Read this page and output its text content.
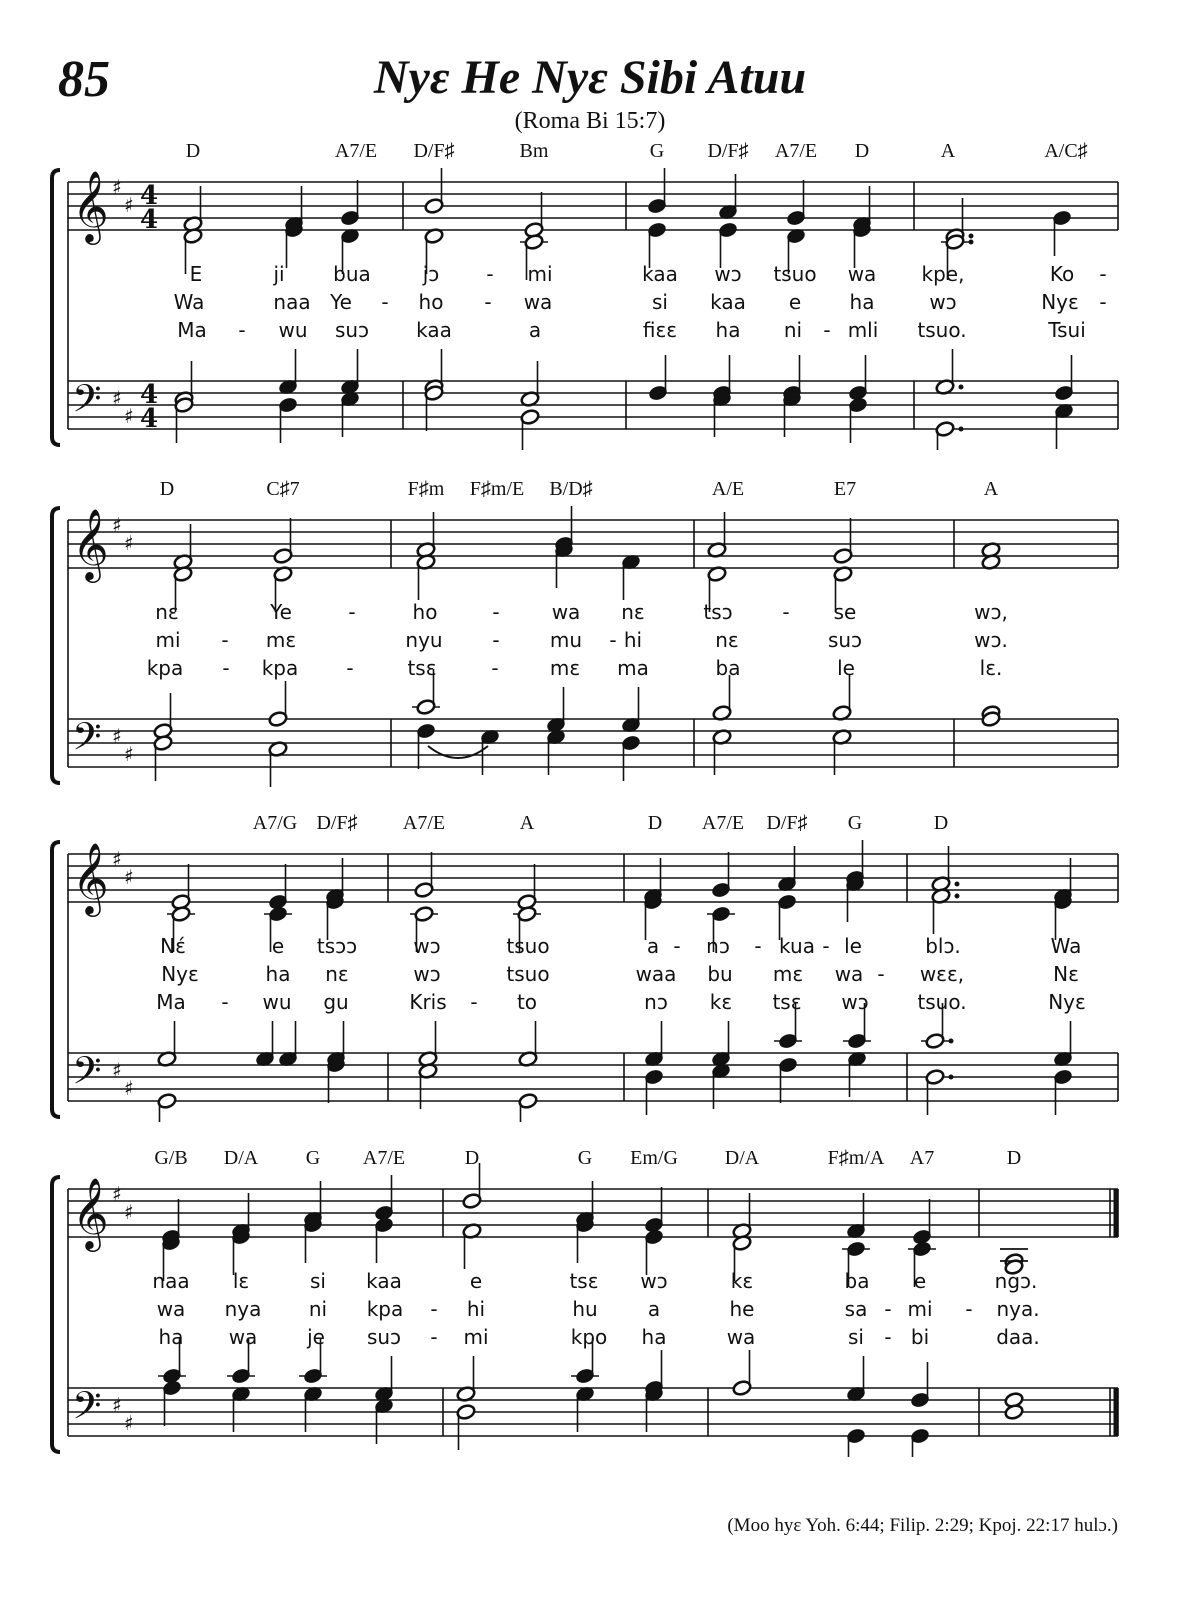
85	Nyɛ He Nyɛ Sibi Atuu
(Roma Bi 15:7)
𝄞 ♯
♯ 4
4
𝄢 ♯
♯
4
4
D	A7/E D/F♯	Bm	G D/F♯ A7/E D	A	A/C♯
E	ji bua	jɔ - mi	kaa wɔ tsuo wa kpe,	Ko -
Wa	naa Ye - ho - wa	si kaa e ha	wɔ	Nyɛ -
Ma - wu suɔ kaa	a	fiɛɛ ha ni - mli tsuo.	Tsui
𝄞 ♯
♯
𝄢 ♯
♯
D	C♯7	F♯m F♯m/E B/D♯	A/E	E7	A
nɛ	Ye	-	ho	-	wa nɛ	tsɔ - se	wɔ,
mi - mɛ	nyu -	mu - hi	nɛ	suɔ	wɔ.
kpa - kpa -	tsɛ	-	mɛ ma	ba	le	lɛ.
𝄞 ♯
♯
𝄢 ♯
♯
A7/G D/F♯ A7/E	A	D A7/E D/F♯ G	D
Nɛ́	e tsɔɔ	wɔ	tsuo	a - nɔ - kua - le	blɔ.	Wa
Nyɛ	ha nɛ	wɔ	tsuo	waa bu mɛ wa - wɛɛ,	Nɛ
Ma - wu gu	Kris - to	nɔ kɛ tsɛ wɔ tsuo.	Nyɛ
𝄞 ♯
♯
𝄢 ♯
♯
G/B D/A G A7/E	D	G Em/G D/A	F♯m/A A7	D
naa lɛ	si kaa	e	tsɛ wɔ	kɛ	ba e	ngɔ.
wa nya ni kpa - hi	hu	a	he	sa - mi - nya.
ha wa je suɔ - mi	kpo ha	wa	si - bi	daa.
(Moo hyɛ Yoh. 6:44; Filip. 2:29; Kpoj. 22:17 hulɔ.)
